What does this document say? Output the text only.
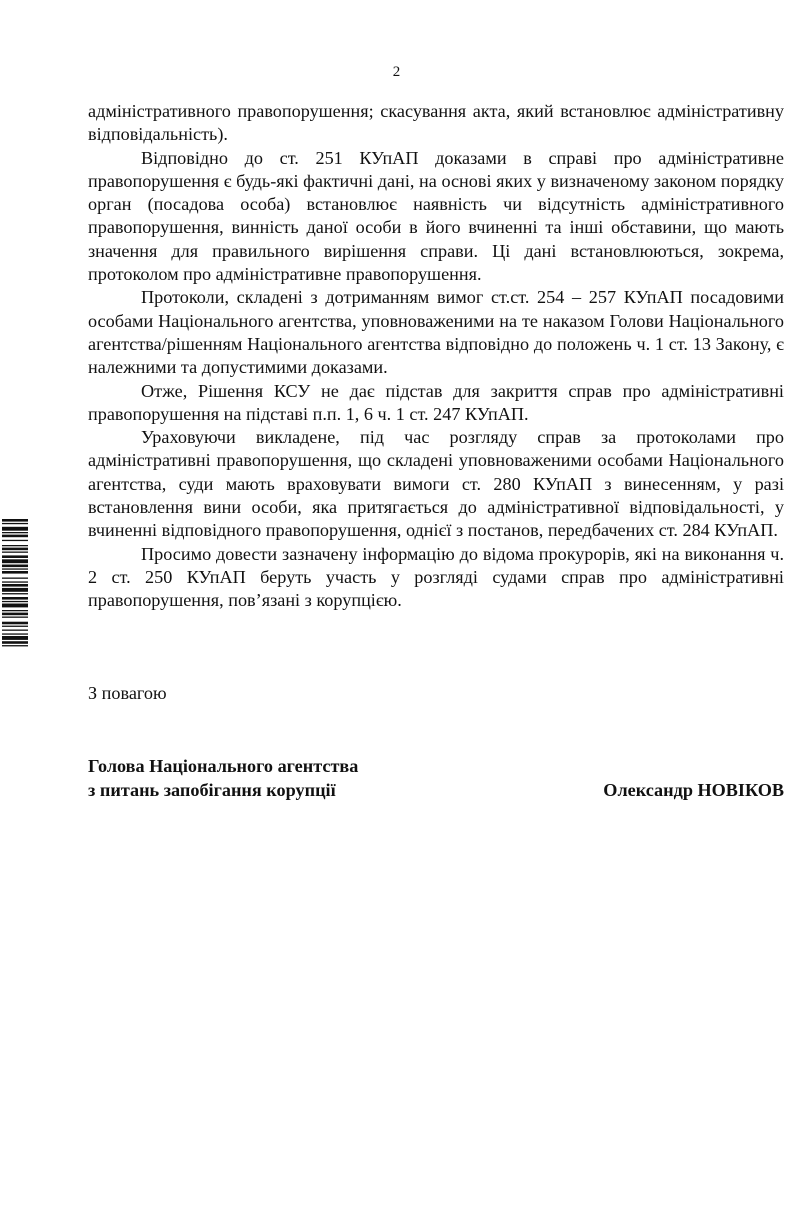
2

адміністративного правопорушення; скасування акта, який встановлює адміністративну відповідальність).

Відповідно до ст. 251 КУпАП доказами в справі про адміністративне правопорушення є будь-які фактичні дані, на основі яких у визначеному законом порядку орган (посадова особа) встановлює наявність чи відсутність адміністративного правопорушення, винність даної особи в його вчиненні та інші обставини, що мають значення для правильного вирішення справи. Ці дані встановлюються, зокрема, протоколом про адміністративне правопорушення.

Протоколи, складені з дотриманням вимог ст.ст. 254 – 257 КУпАП посадовими особами Національного агентства, уповноваженими на те наказом Голови Національного агентства/рішенням Національного агентства відповідно до положень ч. 1 ст. 13 Закону, є належними та допустимими доказами.

Отже, Рішення КСУ не дає підстав для закриття справ про адміністративні правопорушення на підставі п.п. 1, 6 ч. 1 ст. 247 КУпАП.

Ураховуючи викладене, під час розгляду справ за протоколами про адміністративні правопорушення, що складені уповноваженими особами Національного агентства, суди мають враховувати вимоги ст. 280 КУпАП з винесенням, у разі встановлення вини особи, яка притягається до адміністративної відповідальності, у вчиненні відповідного правопорушення, однієї з постанов, передбачених ст. 284 КУпАП.

Просимо довести зазначену інформацію до відома прокурорів, які на виконання ч. 2 ст. 250 КУпАП беруть участь у розгляді судами справ про адміністративні правопорушення, пов’язані з корупцією.

З повагою
Голова Національного агентства
з питань запобігання корупції	Олександр НОВІКОВ
